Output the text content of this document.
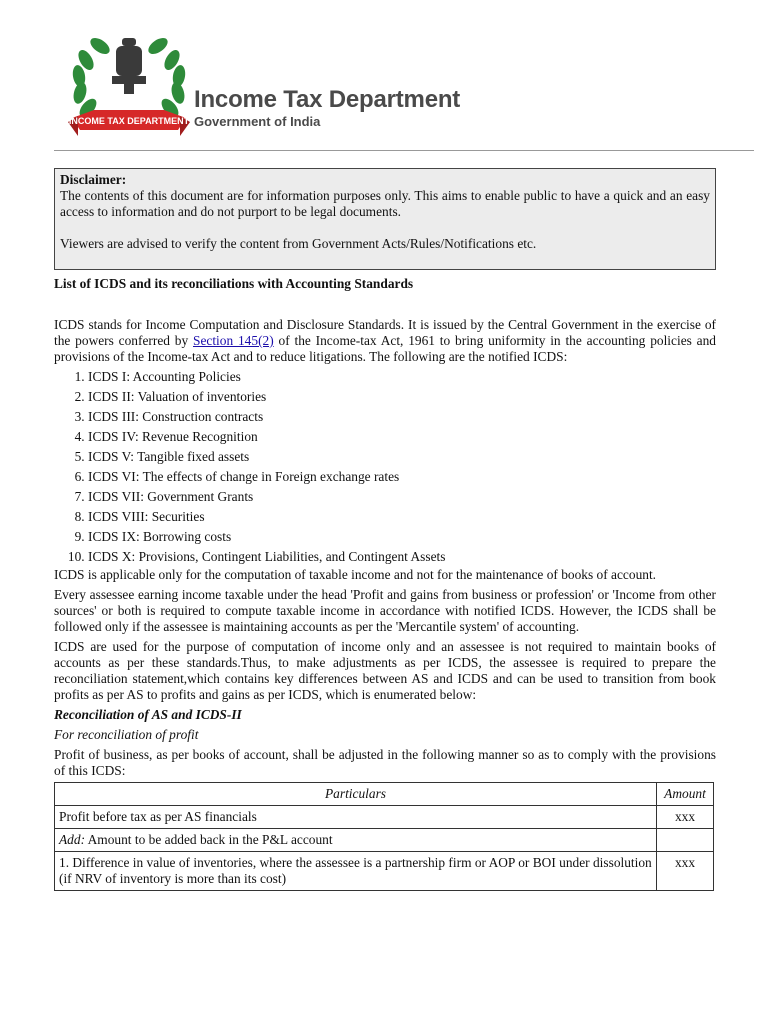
INCOME TAX DEPARTMENT
Income Tax Department
Government of India
Disclaimer:

The contents of this document are for information purposes only. This aims to enable public to have a quick and an easy access to information and do not purport to be legal documents.

Viewers are advised to verify the content from Government Acts/Rules/Notifications etc.

List of ICDS and its reconciliations with Accounting Standards

ICDS stands for Income Computation and Disclosure Standards. It is issued by the Central Government in the exercise of the powers conferred by Section 145(2) of the Income-tax Act, 1961 to bring uniformity in the accounting policies and provisions of the Income-tax Act and to reduce litigations. The following are the notified ICDS:

1. ICDS I: Accounting Policies
2. ICDS II: Valuation of inventories
3. ICDS III: Construction contracts
4. ICDS IV: Revenue Recognition
5. ICDS V: Tangible fixed assets
6. ICDS VI: The effects of change in Foreign exchange rates
7. ICDS VII: Government Grants
8. ICDS VIII: Securities
9. ICDS IX: Borrowing costs
10. ICDS X: Provisions, Contingent Liabilities, and Contingent Assets

ICDS is applicable only for the computation of taxable income and not for the maintenance of books of account.

Every assessee earning income taxable under the head 'Profit and gains from business or profession' or 'Income from other sources' or both is required to compute taxable income in accordance with notified ICDS. However, the ICDS shall be followed only if the assessee is maintaining accounts as per the 'Mercantile system' of accounting.

ICDS are used for the purpose of computation of income only and an assessee is not required to maintain books of accounts as per these standards.Thus, to make adjustments as per ICDS, the assessee is required to prepare the reconciliation statement,which contains key differences between AS and ICDS and can be used to transition from book profits as per AS to profits and gains as per ICDS, which is enumerated below:

Reconciliation of AS and ICDS-II

For reconciliation of profit

Profit of business, as per books of account, shall be adjusted in the following manner so as to comply with the provisions of this ICDS:

Particulars	Amount
Profit before tax as per AS financials	xxx
Add: Amount to be added back in the P&L account	
1. Difference in value of inventories, where the assessee is a partnership firm or AOP or BOI under dissolution (if NRV of inventory is more than its cost)	xxx
